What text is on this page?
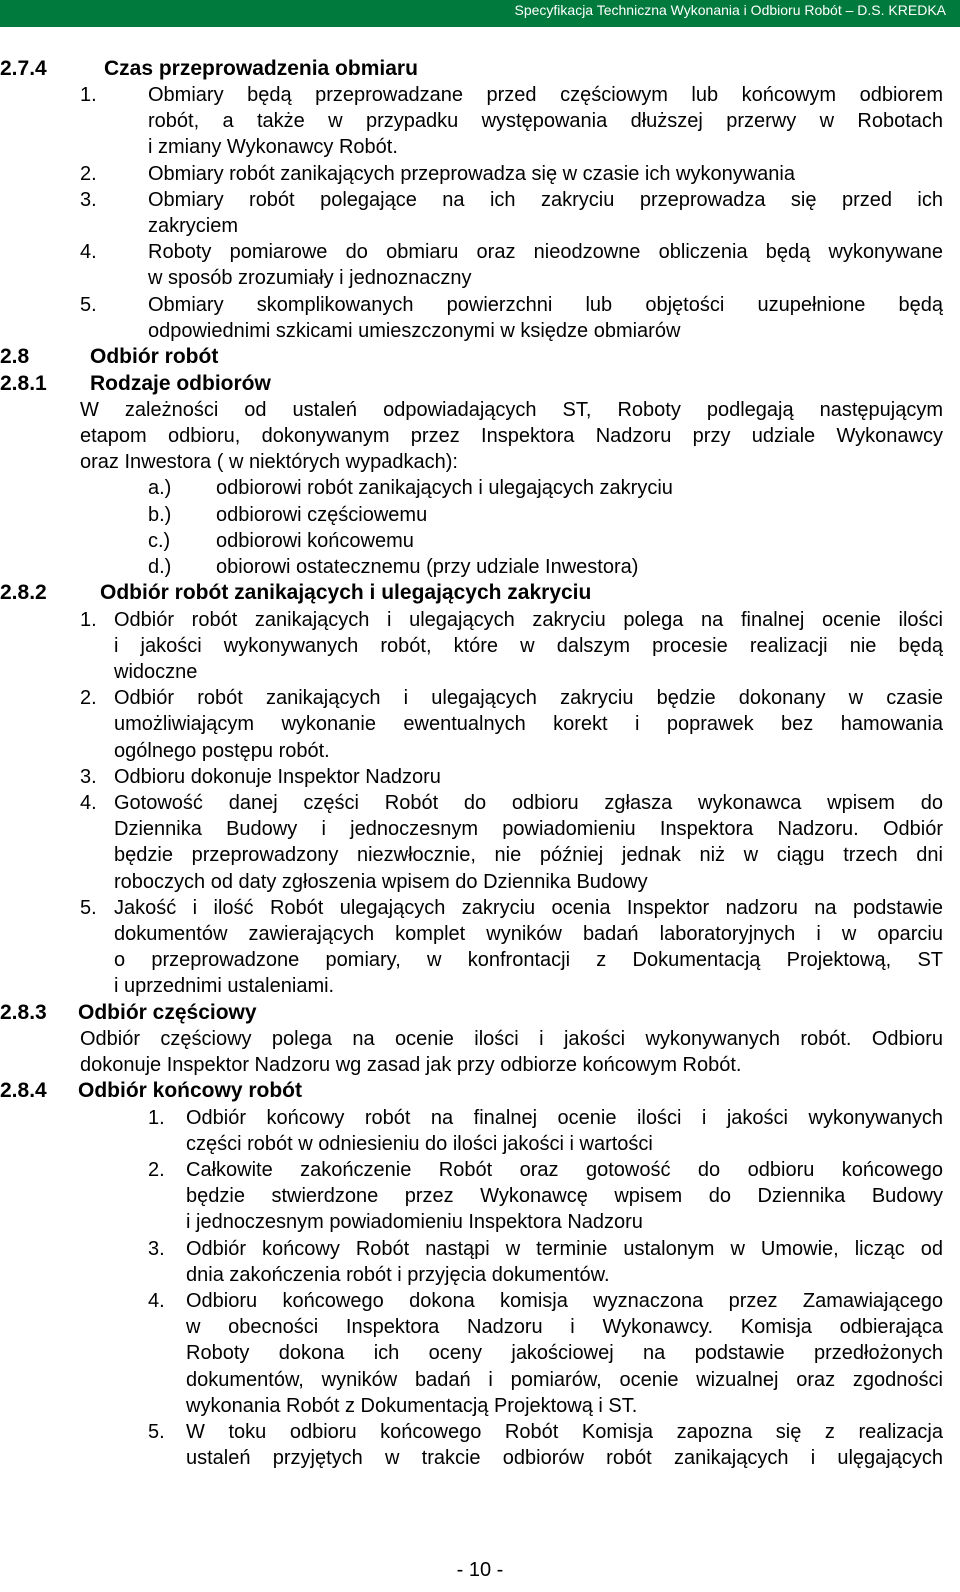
Specyfikacja Techniczna Wykonania i Odbioru Robót – D.S. KREDKA
2.7.4	Czas przeprowadzenia obmiaru
1.	Obmiary będą przeprowadzane przed częściowym lub końcowym odbiorem
robót, a także w przypadku występowania dłuższej przerwy w Robotach
i zmiany Wykonawcy Robót.
2.	Obmiary robót zanikających przeprowadza się w czasie ich wykonywania
3.	Obmiary robót polegające na ich zakryciu przeprowadza się przed ich
zakryciem
4.	Roboty pomiarowe do obmiaru oraz nieodzowne obliczenia będą wykonywane
w sposób zrozumiały i jednoznaczny
5.	Obmiary skomplikowanych powierzchni lub objętości uzupełnione będą
odpowiednimi szkicami umieszczonymi w księdze obmiarów
2.8	Odbiór robót
2.8.1 Rodzaje odbiorów
W zależności od ustaleń odpowiadających ST, Roboty podlegają następującym
etapom odbioru, dokonywanym przez Inspektora Nadzoru przy udziale Wykonawcy
oraz Inwestora ( w niektórych wypadkach):
a.) odbiorowi robót zanikających i ulegających zakryciu
b.) odbiorowi częściowemu
c.) odbiorowi końcowemu
d.) obiorowi ostatecznemu (przy udziale Inwestora)
2.8.2	Odbiór robót zanikających i ulegających zakryciu
1. Odbiór robót zanikających i ulegających zakryciu polega na finalnej ocenie ilości
i jakości wykonywanych robót, które w dalszym procesie realizacji nie będą
widoczne
2. Odbiór robót zanikających i ulegających zakryciu będzie dokonany w czasie
umożliwiającym wykonanie ewentualnych korekt i poprawek bez hamowania
ogólnego postępu robót.
3. Odbioru dokonuje Inspektor Nadzoru
4. Gotowość danej części Robót do odbioru zgłasza wykonawca wpisem do
Dziennika Budowy i jednoczesnym powiadomieniu Inspektora Nadzoru. Odbiór
będzie przeprowadzony niezwłocznie, nie później jednak niż w ciągu trzech dni
roboczych od daty zgłoszenia wpisem do Dziennika Budowy
5. Jakość i ilość Robót ulegających zakryciu ocenia Inspektor nadzoru na podstawie
dokumentów zawierających komplet wyników badań laboratoryjnych i w oparciu
o przeprowadzone pomiary, w konfrontacji z Dokumentacją Projektową, ST
i uprzednimi ustaleniami.
2.8.3 Odbiór częściowy
Odbiór częściowy polega na ocenie ilości i jakości wykonywanych robót. Odbioru
dokonuje Inspektor Nadzoru wg zasad jak przy odbiorze końcowym Robót.
2.8.4 Odbiór końcowy robót
1. Odbiór końcowy robót na finalnej ocenie ilości i jakości wykonywanych
części robót w odniesieniu do ilości jakości i wartości
2. Całkowite zakończenie Robót oraz gotowość do odbioru końcowego
będzie stwierdzone przez Wykonawcę wpisem do Dziennika Budowy
i jednoczesnym powiadomieniu Inspektora Nadzoru
3. Odbiór końcowy Robót nastąpi w terminie ustalonym w Umowie, licząc od
dnia zakończenia robót i przyjęcia dokumentów.
4. Odbioru końcowego dokona komisja wyznaczona przez Zamawiającego
w obecności Inspektora Nadzoru i Wykonawcy. Komisja odbierająca
Roboty dokona ich oceny jakościowej na podstawie przedłożonych
dokumentów, wyników badań i pomiarów, ocenie wizualnej oraz zgodności
wykonania Robót z Dokumentacją Projektową i ST.
5. W toku odbioru końcowego Robót Komisja zapozna się z realizacja
ustaleń przyjętych w trakcie odbiorów robót zanikających i ulęgających
- 10 -
